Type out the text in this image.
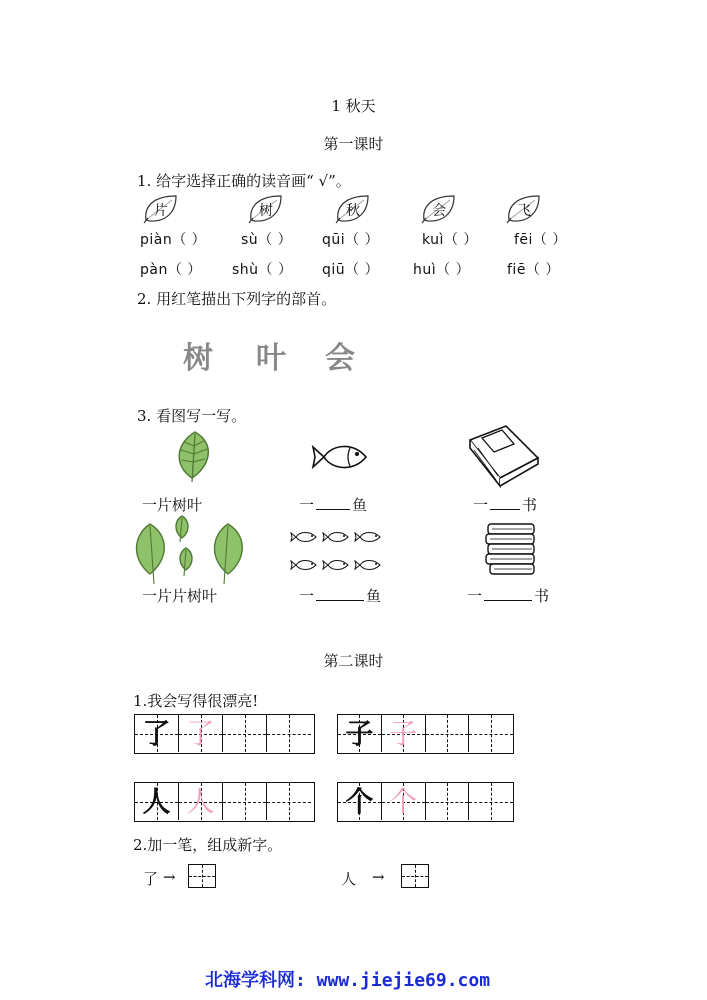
1 秋天
第一课时
1. 给字选择正确的读音画“ √”。
片	树	秋	会	飞
piàn（ ） sù（ ） qūi（ ）	kuì（ ）	fēi（ ）
pàn（ ） shù（ ） qiū（ ） huì（ ）	fiē（ ）
2. 用红笔描出下列字的部首。
树 叶 会
3. 看图写一写。
一片树叶	一	鱼	一 书
一片片树叶	一	鱼	一	书
第二课时
1.我会写得很漂亮!
了 了	子 子
人 人	个 个
2.加一笔，组成新字。
了 →	人 →
北海学科网: www.jiejie69.com
